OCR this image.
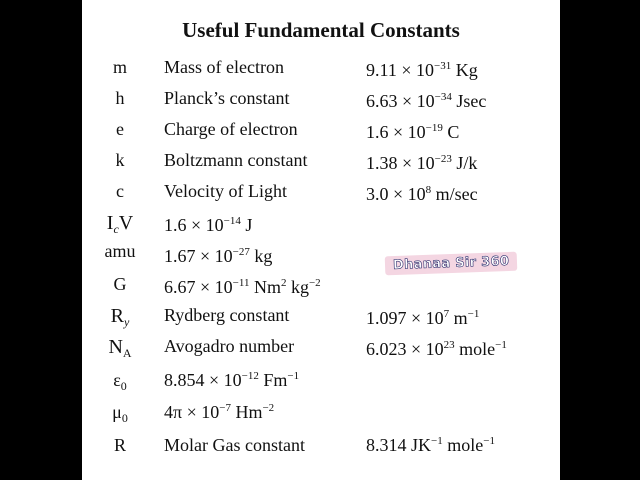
Useful Fundamental Constants
m	Mass of electron	$9.11 \times 10^{-31}$ Kg
h	Planck’s constant	$6.63 \times 10^{-34}$ Jsec
e	Charge of electron	$1.6 \times 10^{-19}$ C
k	Boltzmann constant	$1.38 \times 10^{-23}$ J/k
c	Velocity of Light	$3.0 \times 10^8$ m/sec
$I_cV$	$1.6 \times 10^{-14}$ J
amu	$1.67 \times 10^{-27}$ kg
G	$6.67 \times 10^{-11}$ Nm$^2$ $kg^{-2}$
$R_y$	Rydberg constant	$1.097 \times 10^7$ $m^{-1}$
$N_A$	Avogadro number	$6.023 \times 10^{23}$ mole$^{-1}$
$\varepsilon_0$	$8.854 \times 10^{-12}$ $Fm^{-1}$
$\mu_0$	$4\pi \times 10^{-7}$ $Hm^{-2}$
R	Molar Gas constant	8.314 $JK^{-1}$ mole$^{-1}$
Dhanaa Sir 360
